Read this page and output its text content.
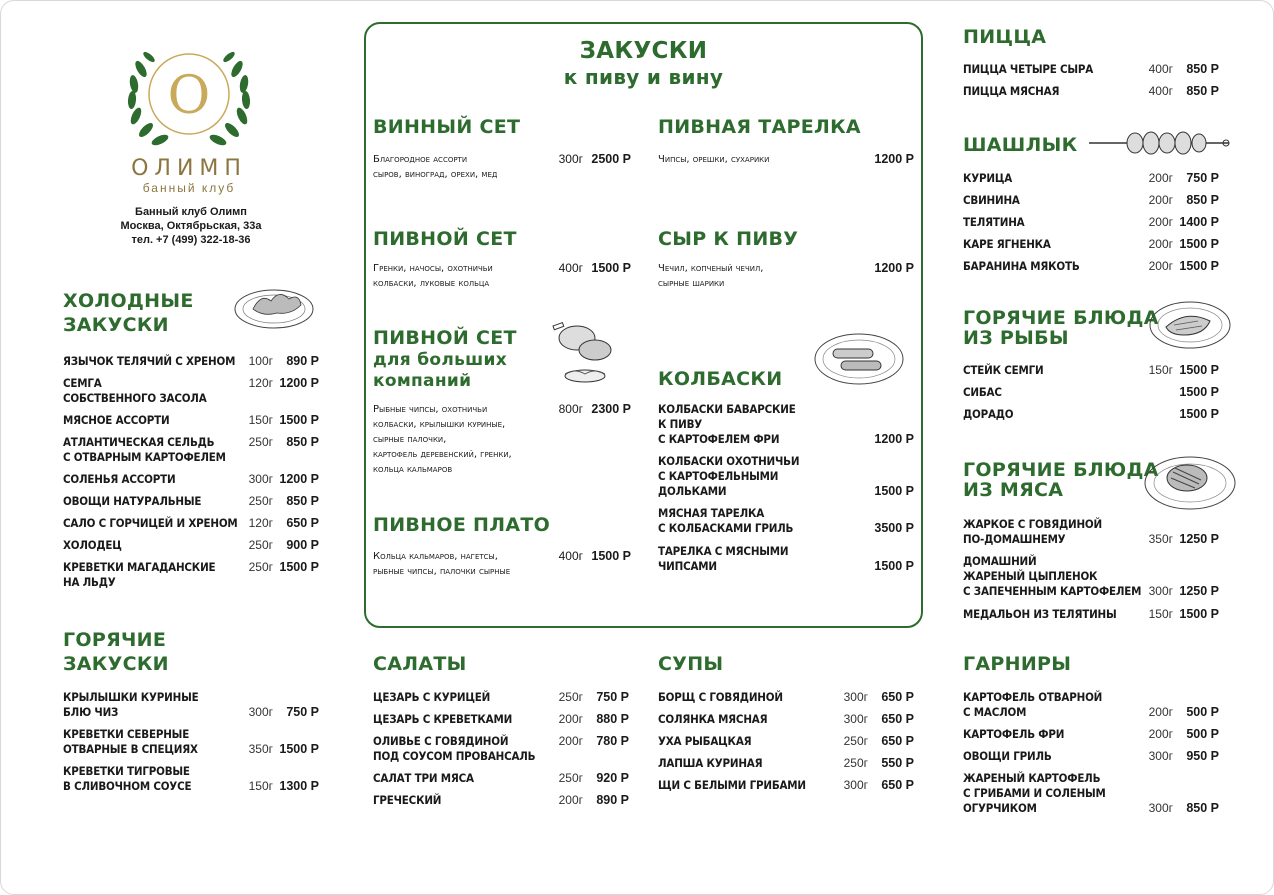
О
ОЛИМП
банный клуб
Банный клуб Олимп
Москва, Октябрьская, 33а
тел. +7 (499) 322-18-36
ХОЛОДНЫЕ
ЗАКУСКИ
ЯЗЫЧОК ТЕЛЯЧИЙ С ХРЕНОМ	100г	890 Р
СЕМГА
СОБСТВЕННОГО ЗАСОЛА
120г 1200 Р
МЯСНОЕ АССОРТИ	150г 1500 Р
АТЛАНТИЧЕСКАЯ СЕЛЬДЬ
С ОТВАРНЫМ КАРТОФЕЛЕМ
250г	850 Р
СОЛЕНЬЯ АССОРТИ	300г 1200 Р
ОВОЩИ НАТУРАЛЬНЫЕ	250г	850 Р
САЛО С ГОРЧИЦЕЙ И ХРЕНОМ 120г	650 Р
ХОЛОДЕЦ	250г	900 Р
КРЕВЕТКИ МАГАДАНСКИЕ
НА ЛЬДУ
250г 1500 Р
ГОРЯЧИЕ
ЗАКУСКИ
КРЫЛЫШКИ КУРИНЫЕ
БЛЮ ЧИЗ	300г	750 Р
КРЕВЕТКИ СЕВЕРНЫЕ
ОТВАРНЫЕ В СПЕЦИЯХ	350г 1500 Р
КРЕВЕТКИ ТИГРОВЫЕ
В СЛИВОЧНОМ СОУСЕ	150г 1300 Р
ЗАКУСКИ
к пиву и вину
ВИННЫЙ СЕТ
Благородное ассорти
сыров, виноград, орехи, мед
300г 2500 Р
ПИВНОЙ СЕТ
Гренки, начосы, охотничьи
колбаски, луковые кольца
400г 1500 Р
ПИВНОЙ СЕТ
для больших
компаний
Рыбные чипсы, охотничьи
колбаски, крылышки куриные,
сырные палочки,
картофель деревенский, гренки,
кольца кальмаров
800г 2300 Р
ПИВНОЕ ПЛАТО
Кольца кальмаров, нагетсы,
рыбные чипсы, палочки сырные
400г 1500 Р
ПИВНАЯ ТАРЕЛКА
Чипсы, орешки, сухарики	1200 Р
СЫР К ПИВУ
Чечил, копченый чечил,
сырные шарики
1200 Р
КОЛБАСКИ
КОЛБАСКИ БАВАРСКИЕ
К ПИВУ
С КАРТОФЕЛЕМ ФРИ	1200 Р
КОЛБАСКИ ОХОТНИЧЬИ
С КАРТОФЕЛЬНЫМИ
ДОЛЬКАМИ	1500 Р
МЯСНАЯ ТАРЕЛКА
С КОЛБАСКАМИ ГРИЛЬ	3500 Р
ТАРЕЛКА С МЯСНЫМИ
ЧИПСАМИ	1500 Р
САЛАТЫ
ЦЕЗАРЬ С КУРИЦЕЙ	250г	750 Р
ЦЕЗАРЬ С КРЕВЕТКАМИ	200г	880 Р
ОЛИВЬЕ С ГОВЯДИНОЙ
ПОД СОУСОМ ПРОВАНСАЛЬ
200г	780 Р
САЛАТ ТРИ МЯСА	250г	920 Р
ГРЕЧЕСКИЙ	200г	890 Р
СУПЫ
БОРЩ С ГОВЯДИНОЙ	300г	650 Р
СОЛЯНКА МЯСНАЯ	300г	650 Р
УХА РЫБАЦКАЯ	250г	650 Р
ЛАПША КУРИНАЯ	250г	550 Р
ЩИ С БЕЛЫМИ ГРИБАМИ	300г	650 Р
ПИЦЦА
ПИЦЦА ЧЕТЫРЕ СЫРА	400г	850 Р
ПИЦЦА МЯСНАЯ	400г	850 Р
ШАШЛЫК
КУРИЦА	200г	750 Р
СВИНИНА	200г	850 Р
ТЕЛЯТИНА	200г 1400 Р
КАРЕ ЯГНЕНКА	200г 1500 Р
БАРАНИНА МЯКОТЬ	200г 1500 Р
ГОРЯЧИЕ БЛЮДА
ИЗ РЫБЫ
СТЕЙК СЕМГИ	150г 1500 Р
СИБАС	1500 Р
ДОРАДО	1500 Р
ГОРЯЧИЕ БЛЮДА
ИЗ МЯСА
ЖАРКОЕ С ГОВЯДИНОЙ
ПО-ДОМАШНЕМУ	350г 1250 Р
ДОМАШНИЙ
ЖАРЕНЫЙ ЦЫПЛЕНОК
С ЗАПЕЧЕННЫМ КАРТОФЕЛЕМ 300г 1250 Р
МЕДАЛЬОН ИЗ ТЕЛЯТИНЫ	150г 1500 Р
ГАРНИРЫ
КАРТОФЕЛЬ ОТВАРНОЙ
С МАСЛОМ	200г	500 Р
КАРТОФЕЛЬ ФРИ	200г	500 Р
ОВОЩИ ГРИЛЬ	300г	950 Р
ЖАРЕНЫЙ КАРТОФЕЛЬ
С ГРИБАМИ И СОЛЕНЫМ
ОГУРЧИКОМ	300г	850 Р
